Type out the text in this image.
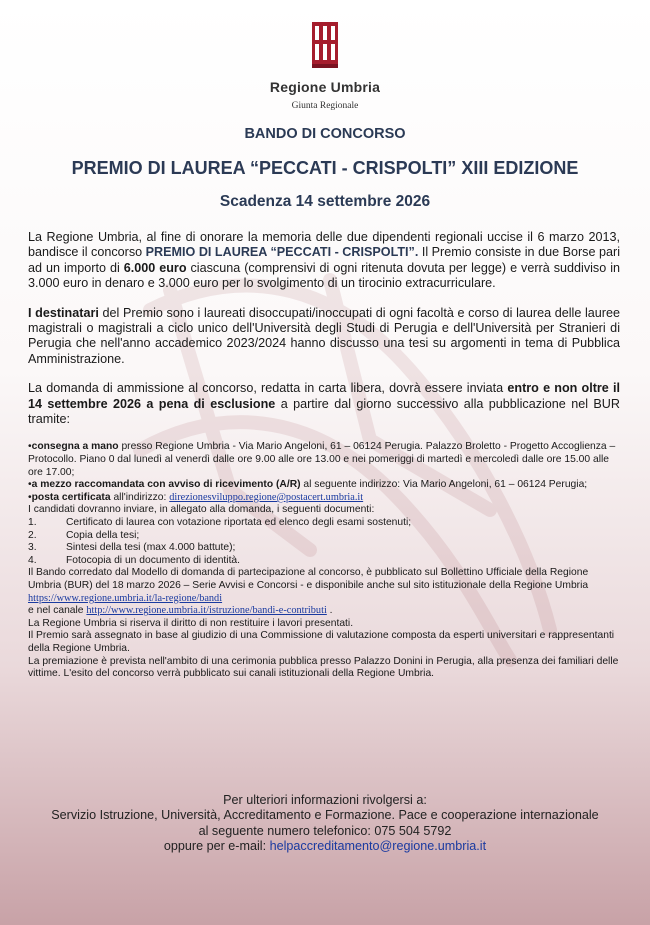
Regione Umbria
Giunta Regionale
BANDO DI CONCORSO
PREMIO DI LAUREA “PECCATI - CRISPOLTI” XIII EDIZIONE
Scadenza 14 settembre 2026

La Regione Umbria, al fine di onorare la memoria delle due dipendenti regionali uccise il 6 marzo 2013, bandisce il concorso PREMIO DI LAUREA “PECCATI - CRISPOLTI”. Il Premio consiste in due Borse pari ad un importo di 6.000 euro ciascuna (comprensivi di ogni ritenuta dovuta per legge) e verrà suddiviso in 3.000 euro in denaro e 3.000 euro per lo svolgimento di un tirocinio extracurriculare.

I destinatari del Premio sono i laureati disoccupati/inoccupati di ogni facoltà e corso di laurea delle lauree magistrali o magistrali a ciclo unico dell'Università degli Studi di Perugia e dell'Università per Stranieri di Perugia che nell'anno accademico 2023/2024 hanno discusso una tesi su argomenti in tema di Pubblica Amministrazione.

La domanda di ammissione al concorso, redatta in carta libera, dovrà essere inviata entro e non oltre il 14 settembre 2026 a pena di esclusione a partire dal giorno successivo alla pubblicazione nel BUR tramite:

•consegna a mano presso Regione Umbria - Via Mario Angeloni, 61 – 06124 Perugia. Palazzo Broletto - Progetto Accoglienza – Protocollo. Piano 0 dal lunedì al venerdì dalle ore 9.00 alle ore 13.00 e nei pomeriggi di martedì e mercoledì dalle ore 15.00 alle ore 17.00;

•a mezzo raccomandata con avviso di ricevimento (A/R) al seguente indirizzo: Via Mario Angeloni, 61 – 06124 Perugia;

•posta certificata all'indirizzo: direzionesviluppo.regione@postacert.umbria.it

I candidati dovranno inviare, in allegato alla domanda, i seguenti documenti:

1.	Certificato di laurea con votazione riportata ed elenco degli esami sostenuti;
2.	Copia della tesi;
3.	Sintesi della tesi (max 4.000 battute);
4.	Fotocopia di un documento di identità.

Il Bando corredato dal Modello di domanda di partecipazione al concorso, è pubblicato sul Bollettino Ufficiale della Regione Umbria (BUR) del 18 marzo 2026 – Serie Avvisi e Concorsi - e disponibile anche sul sito istituzionale della Regione Umbria https://www.regione.umbria.it/la-regione/bandi

e nel canale http://www.regione.umbria.it/istruzione/bandi-e-contributi .

La Regione Umbria si riserva il diritto di non restituire i lavori presentati.

Il Premio sarà assegnato in base al giudizio di una Commissione di valutazione composta da esperti universitari e rappresentanti della Regione Umbria.

La premiazione è prevista nell'ambito di una cerimonia pubblica presso Palazzo Donini in Perugia, alla presenza dei familiari delle vittime. L'esito del concorso verrà pubblicato sui canali istituzionali della Regione Umbria.

Per ulteriori informazioni rivolgersi a:
Servizio Istruzione, Università, Accreditamento e Formazione. Pace e cooperazione internazionale
al seguente numero telefonico: 075 504 5792
oppure per e-mail: helpaccreditamento@regione.umbria.it
